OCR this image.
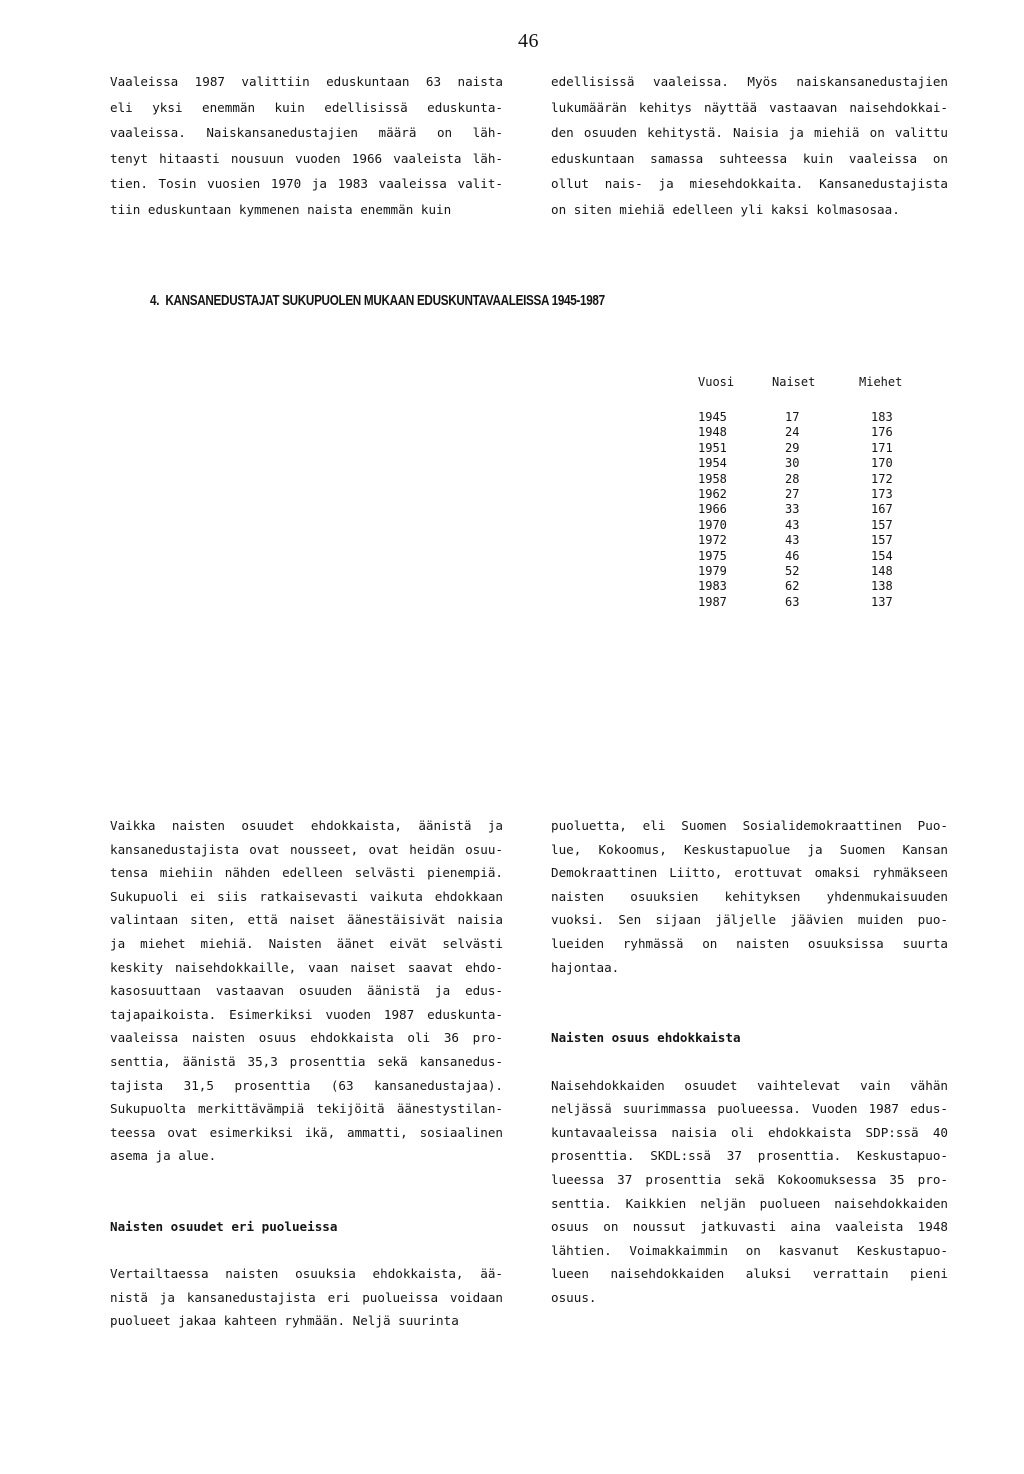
46
Vaaleissa 1987 valittiin eduskuntaan 63 naista
eli yksi enemmän kuin edellisissä eduskunta-
vaaleissa. Naiskansanedustajien määrä on läh-
tenyt hitaasti nousuun vuoden 1966 vaaleista läh-
tien. Tosin vuosien 1970 ja 1983 vaaleissa valit-
tiin eduskuntaan kymmenen naista enemmän kuin
edellisissä vaaleissa. Myös naiskansanedustajien
lukumäärän kehitys näyttää vastaavan naisehdokkai-
den osuuden kehitystä. Naisia ja miehiä on valittu
eduskuntaan samassa suhteessa kuin vaaleissa on
ollut nais- ja miesehdokkaita. Kansanedustajista
on siten miehiä edelleen yli kaksi kolmasosaa.
4. KANSANEDUSTAJAT SUKUPUOLEN MUKAAN EDUSKUNTAVAALEISSA 1945-1987
Vuosi	Naiset	Miehet

1945	17	183
1948	24	176
1951	29	171
1954	30	170
1958	28	172
1962	27	173
1966	33	167
1970	43	157
1972	43	157
1975	46	154
1979	52	148
1983	62	138
1987	63	137
Vaikka naisten osuudet ehdokkaista, äänistä ja
kansanedustajista ovat nousseet, ovat heidän osuu-
tensa miehiin nähden edelleen selvästi pienempiä.
Sukupuoli ei siis ratkaisevasti vaikuta ehdokkaan
valintaan siten, että naiset äänestäisivät naisia
ja miehet miehiä. Naisten äänet eivät selvästi
keskity naisehdokkaille, vaan naiset saavat ehdo-
kasosuuttaan vastaavan osuuden äänistä ja edus-
tajapaikoista. Esimerkiksi vuoden 1987 eduskunta-
vaaleissa naisten osuus ehdokkaista oli 36 pro-
senttia, äänistä 35,3 prosenttia sekä kansanedus-
tajista 31,5 prosenttia (63 kansanedustajaa).
Sukupuolta merkittävämpiä tekijöitä äänestystilan-
teessa ovat esimerkiksi ikä, ammatti, sosiaalinen
asema ja alue.
Naisten osuudet eri puolueissa
Vertailtaessa naisten osuuksia ehdokkaista, ää-
nistä ja kansanedustajista eri puolueissa voidaan
puolueet jakaa kahteen ryhmään. Neljä suurinta
puoluetta, eli Suomen Sosialidemokraattinen Puo-
lue, Kokoomus, Keskustapuolue ja Suomen Kansan
Demokraattinen Liitto, erottuvat omaksi ryhmäkseen
naisten osuuksien kehityksen yhdenmukaisuuden
vuoksi. Sen sijaan jäljelle jäävien muiden puo-
lueiden ryhmässä on naisten osuuksissa suurta
hajontaa.
Naisten osuus ehdokkaista
Naisehdokkaiden osuudet vaihtelevat vain vähän
neljässä suurimmassa puolueessa. Vuoden 1987 edus-
kuntavaaleissa naisia oli ehdokkaista SDP:ssä 40
prosenttia. SKDL:ssä 37 prosenttia. Keskustapuo-
lueessa 37 prosenttia sekä Kokoomuksessa 35 pro-
senttia. Kaikkien neljän puolueen naisehdokkaiden
osuus on noussut jatkuvasti aina vaaleista 1948
lähtien. Voimakkaimmin on kasvanut Keskustapuo-
lueen naisehdokkaiden aluksi verrattain pieni
osuus.
